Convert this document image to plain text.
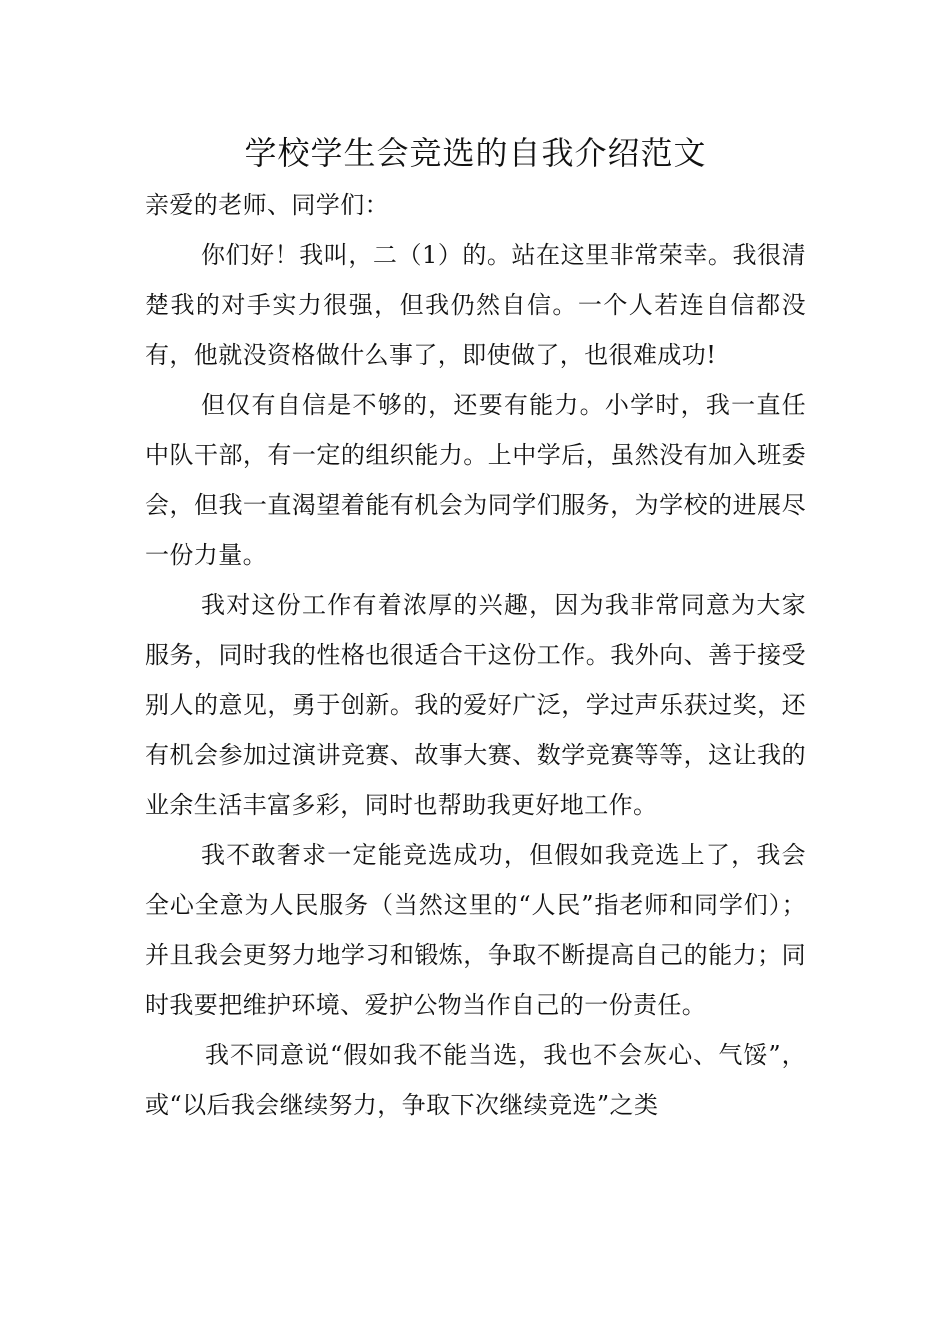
学校学生会竞选的自我介绍范文

亲爱的老师、同学们：

你们好！我叫，二（1）的。站在这里非常荣幸。我很清楚我的对手实力很强，但我仍然自信。一个人若连自信都没有，他就没资格做什么事了，即使做了，也很难成功!

但仅有自信是不够的，还要有能力。小学时，我一直任中队干部，有一定的组织能力。上中学后，虽然没有加入班委会，但我一直渴望着能有机会为同学们服务，为学校的进展尽一份力量。

我对这份工作有着浓厚的兴趣，因为我非常同意为大家服务，同时我的性格也很适合干这份工作。我外向、善于接受别人的意见，勇于创新。我的爱好广泛，学过声乐获过奖，还有机会参加过演讲竞赛、故事大赛、数学竞赛等等，这让我的业余生活丰富多彩，同时也帮助我更好地工作。

我不敢奢求一定能竞选成功，但假如我竞选上了，我会全心全意为人民服务（当然这里的“人民”指老师和同学们）；并且我会更努力地学习和锻炼，争取不断提高自己的能力；同时我要把维护环境、爱护公物当作自己的一份责任。

我不同意说“假如我不能当选，我也不会灰心、气馁”，或“以后我会继续努力，争取下次继续竞选”之类
